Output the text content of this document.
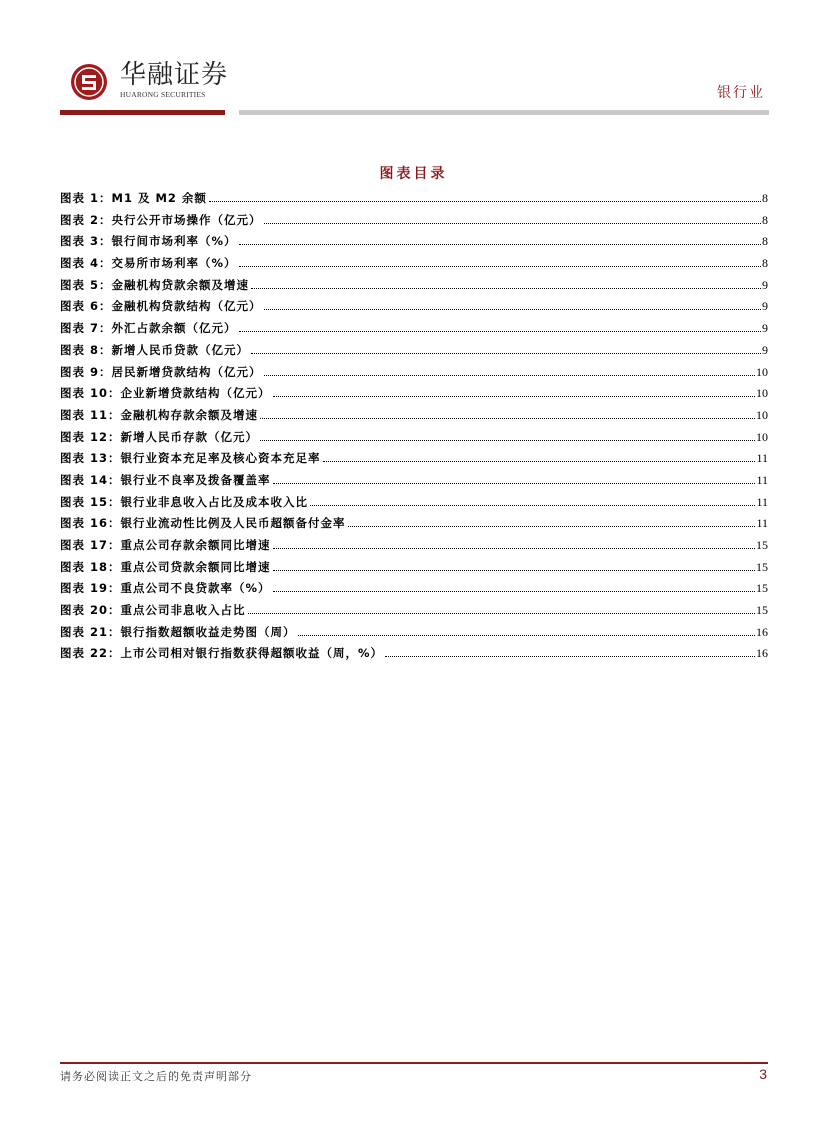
华融证券
HUARONG SECURITIES	银行业
图表目录
图表 1：M1 及 M2 余额	8
图表 2：央行公开市场操作（亿元）	8
图表 3：银行间市场利率（%）	8
图表 4：交易所市场利率（%）	8
图表 5：金融机构贷款余额及增速	9
图表 6：金融机构贷款结构（亿元）	9
图表 7：外汇占款余额（亿元）	9
图表 8：新增人民币贷款（亿元）	9
图表 9：居民新增贷款结构（亿元）	10
图表 10：企业新增贷款结构（亿元）	10
图表 11：金融机构存款余额及增速	10
图表 12：新增人民币存款（亿元）	10
图表 13：银行业资本充足率及核心资本充足率	11
图表 14：银行业不良率及拨备覆盖率	11
图表 15：银行业非息收入占比及成本收入比	11
图表 16：银行业流动性比例及人民币超额备付金率	11
图表 17：重点公司存款余额同比增速	15
图表 18：重点公司贷款余额同比增速	15
图表 19：重点公司不良贷款率（%）	15
图表 20：重点公司非息收入占比	15
图表 21：银行指数超额收益走势图（周）	16
图表 22：上市公司相对银行指数获得超额收益（周，%）	16
请务必阅读正文之后的免责声明部分	3
